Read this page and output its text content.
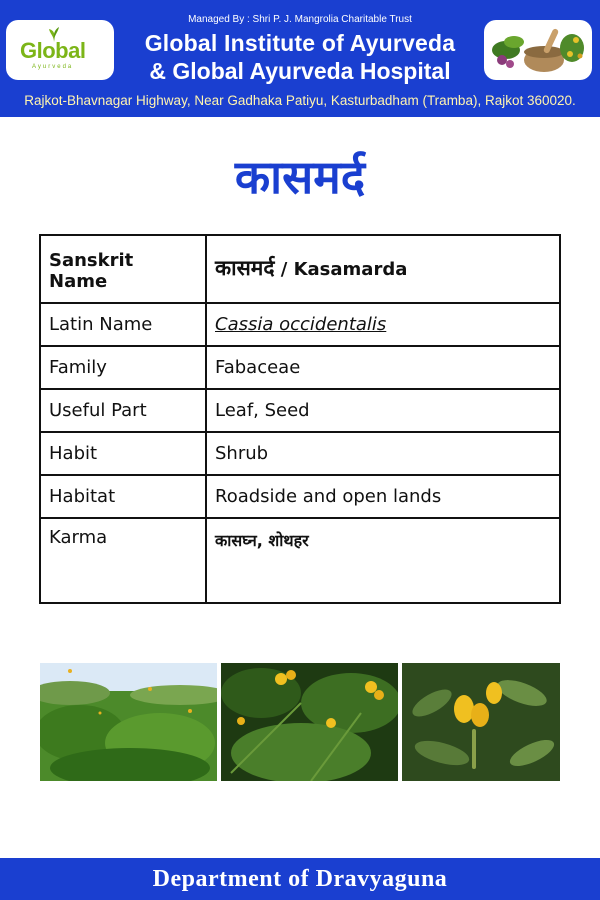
Global
Ayurveda
Managed By : Shri P. J. Mangrolia Charitable Trust
Global Institute of Ayurveda
& Global Ayurveda Hospital
Rajkot-Bhavnagar Highway, Near Gadhaka Patiyu, Kasturbadham (Tramba), Rajkot 360020.
कासमर्द
Sanskrit Name	कासमर्द / Kasamarda
Latin Name	Cassia occidentalis
Family	Fabaceae
Useful Part	Leaf, Seed
Habit	Shrub
Habitat	Roadside and open lands
Karma	कासघ्न, शोथहर
Department of Dravyaguna
